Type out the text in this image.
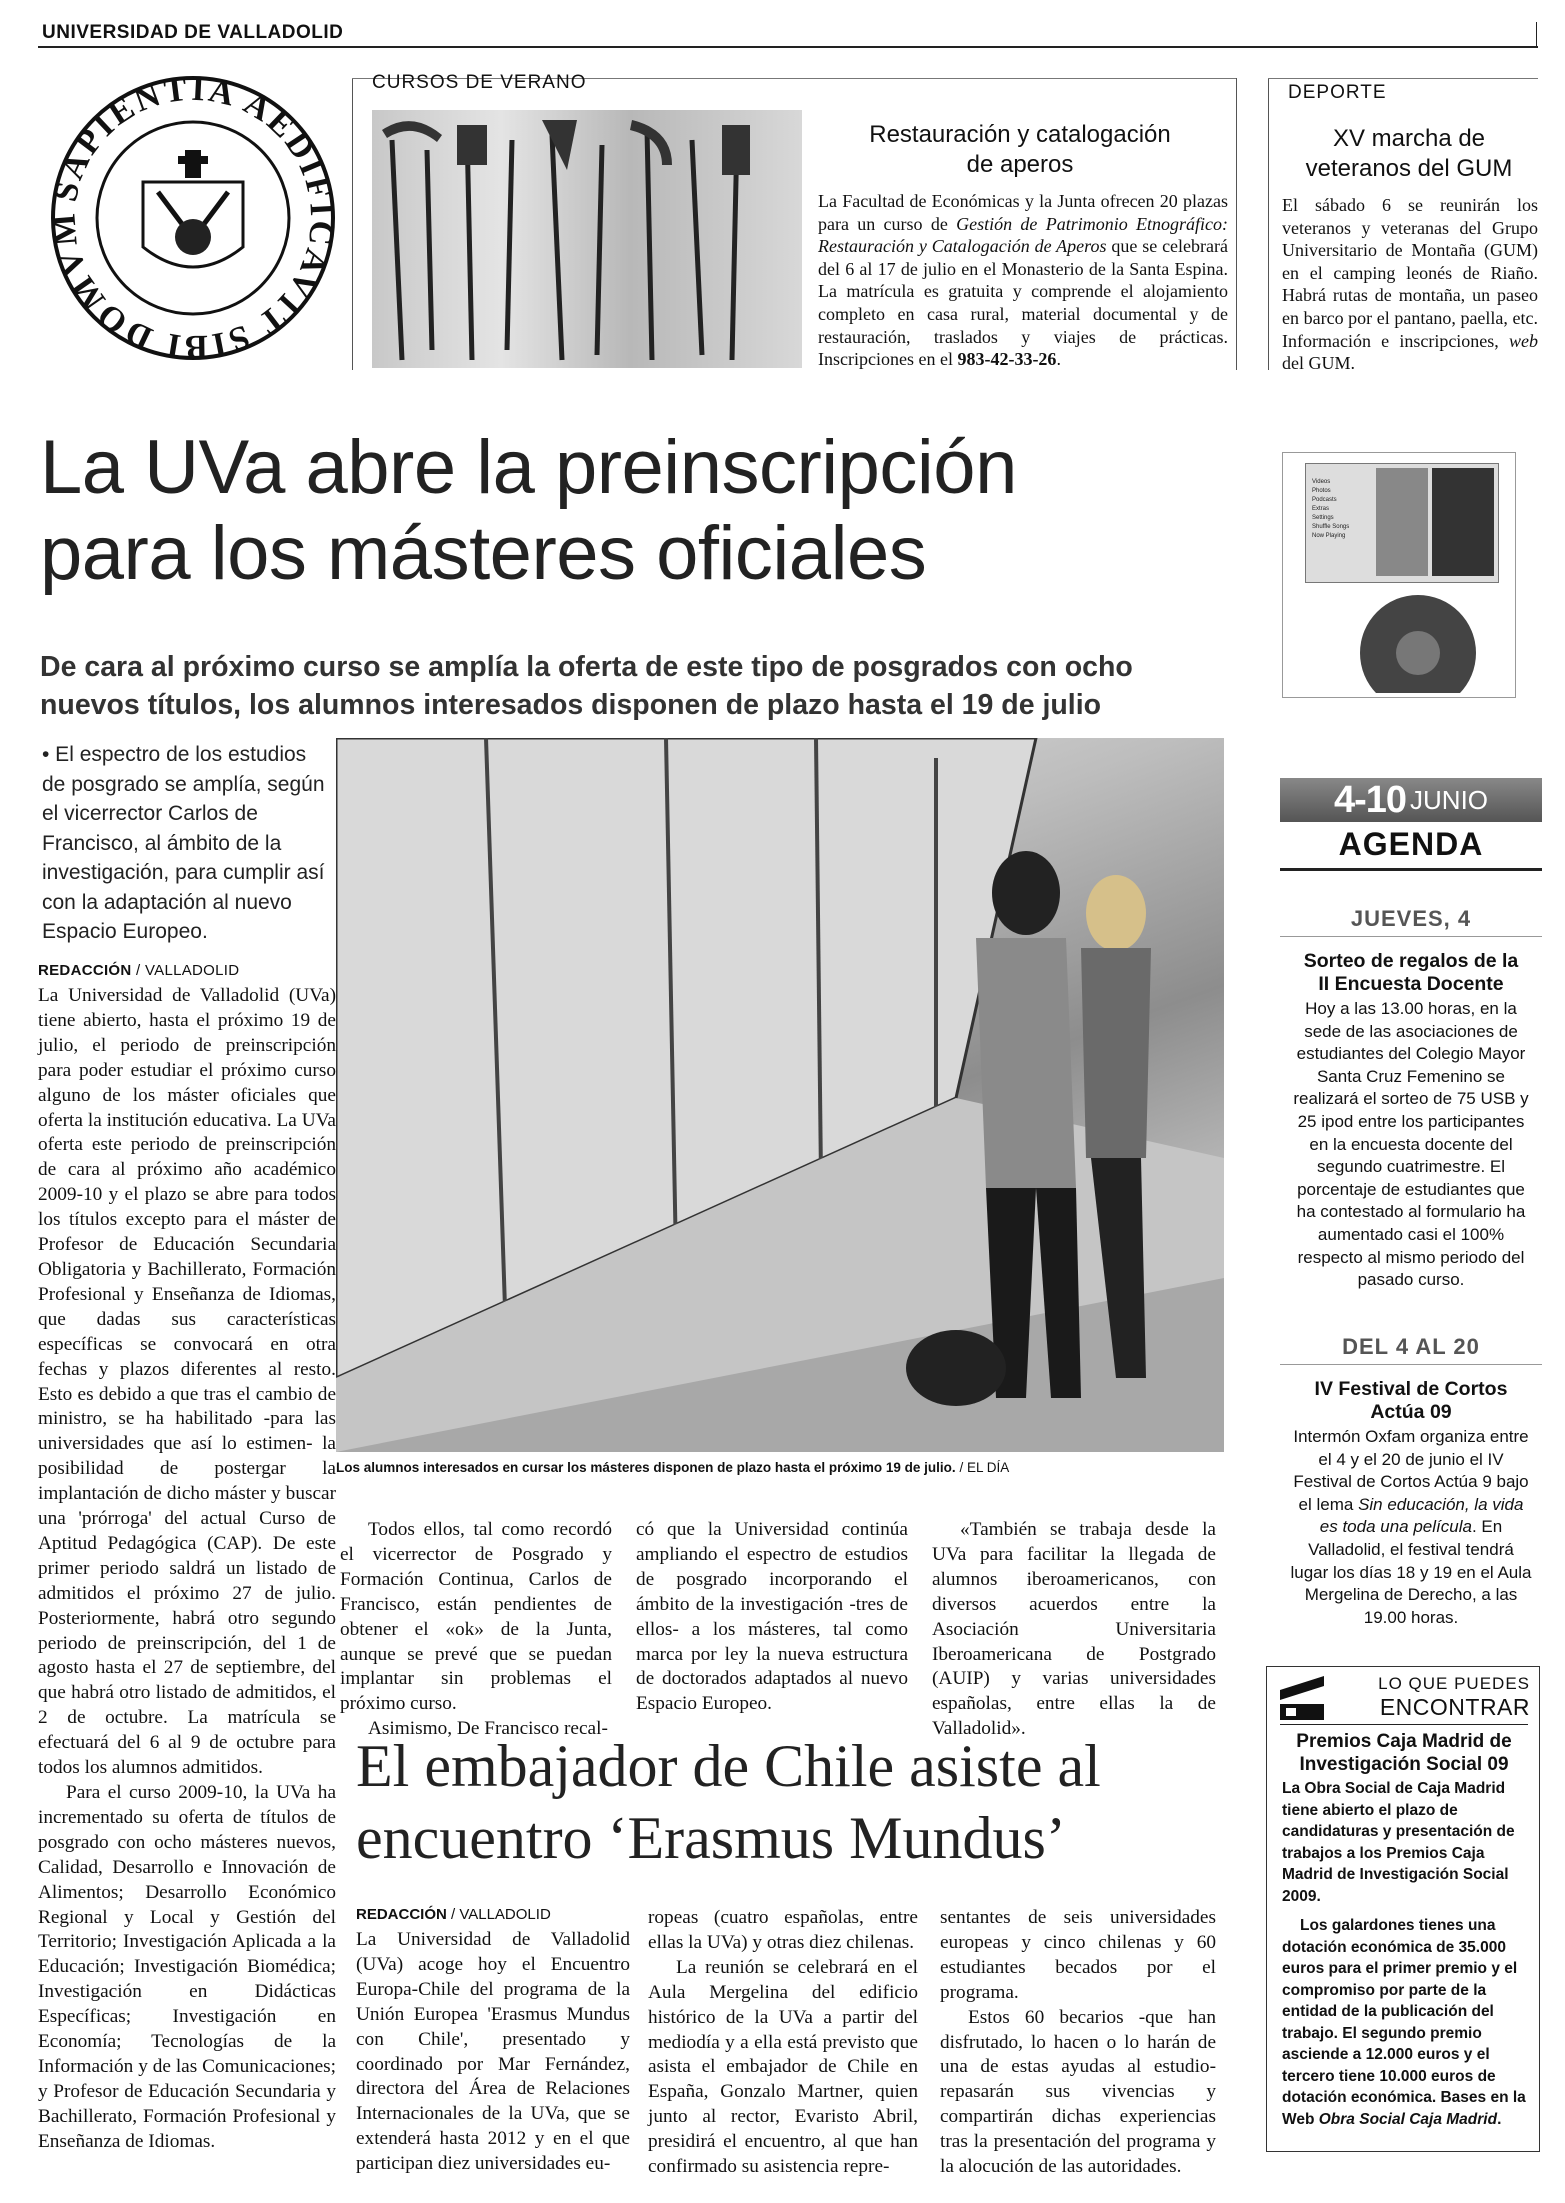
UNIVERSIDAD DE VALLADOLID
SAPIENTIA AEDIFICAVIT SIBI DOMVM
CURSOS DE VERANO
Restauración y catalogación
de aperos
La Facultad de Económicas y la Junta ofrecen 20 plazas para un curso de Gestión de Patrimonio Etnográfico: Restauración y Catalogación de Aperos que se celebrará del 6 al 17 de julio en el Monasterio de la Santa Espina. La matrícula es gratuita y comprende el alojamiento completo en casa rural, material documental y de restauración, traslados y viajes de prácticas. Inscripciones en el 983-42-33-26.
DEPORTE
XV marcha de
veteranos del GUM
El sábado 6 se reunirán los veteranos y veteranas del Grupo Universitario de Montaña (GUM) en el camping leonés de Riaño. Habrá rutas de montaña, un paseo en barco por el pantano, paella, etc. Información e inscripciones, web del GUM.
La UVa abre la preinscripción
para los másteres oficiales
De cara al próximo curso se amplía la oferta de este tipo de posgrados con ocho
nuevos títulos, los alumnos interesados disponen de plazo hasta el 19 de julio
Videos
Photos
Podcasts
Extras
Settings
Shuffle Songs
Now Playing
• El espectro de los estudios de posgrado se amplía, según el vicerrector Carlos de Francisco, al ámbito de la investigación, para cumplir así con la adaptación al nuevo Espacio Europeo.
REDACCIÓN / VALLADOLID

La Universidad de Valladolid (UVa) tiene abierto, hasta el próximo 19 de julio, el periodo de preinscripción para poder estudiar el próximo curso alguno de los máster oficiales que oferta la institución educativa. La UVa oferta este periodo de preinscripción de cara al próximo año académico 2009-10 y el plazo se abre para todos los títulos excepto para el máster de Profesor de Educación Secundaria Obligatoria y Bachillerato, Formación Profesional y Enseñanza de Idiomas, que dadas sus características específicas se convocará en otra fechas y plazos diferentes al resto. Esto es debido a que tras el cambio de ministro, se ha habilitado -para las universidades que así lo estimen- la posibilidad de postergar la implantación de dicho máster y buscar una 'prórroga' del actual Curso de Aptitud Pedagógica (CAP). De este primer periodo saldrá un listado de admitidos el próximo 27 de julio. Posteriormente, habrá otro segundo periodo de preinscripción, del 1 de agosto hasta el 27 de septiembre, del que habrá otro listado de admitidos, el 2 de octubre. La matrícula se efectuará del 6 al 9 de octubre para todos los alumnos admitidos.

Para el curso 2009-10, la UVa ha incrementado su oferta de títulos de posgrado con ocho másteres nuevos, Calidad, Desarrollo e Innovación de Alimentos; Desarrollo Económico Regional y Local y Gestión del Territorio; Investigación Aplicada a la Educación; Investigación Biomédica; Investigación en Didácticas Específicas; Investigación en Economía; Tecnologías de la Información y de las Comunicaciones; y Profesor de Educación Secundaria y Bachillerato, Formación Profesional y Enseñanza de Idiomas.

Los alumnos interesados en cursar los másteres disponen de plazo hasta el próximo 19 de julio. / EL DÍA

Todos ellos, tal como recordó el vicerrector de Posgrado y Formación Continua, Carlos de Francisco, están pendientes de obtener el «ok» de la Junta, aunque se prevé que se puedan implantar sin problemas el próximo curso.

Asimismo, De Francisco recal-

có que la Universidad continúa ampliando el espectro de estudios de posgrado incorporando el ámbito de la investigación -tres de ellos- a los másteres, tal como marca por ley la nueva estructura de doctorados adaptados al nuevo Espacio Europeo.

«También se trabaja desde la UVa para facilitar la llegada de alumnos iberoamericanos, con diversos acuerdos entre la Asociación Universitaria Iberoamericana de Postgrado (AUIP) y varias universidades españolas, entre ellas la de Valladolid».

El embajador de Chile asiste al
encuentro ‘Erasmus Mundus’
REDACCIÓN / VALLADOLID

La Universidad de Valladolid (UVa) acoge hoy el Encuentro Europa-Chile del programa de la Unión Europea 'Erasmus Mundus con Chile', presentado y coordinado por Mar Fernández, directora del Área de Relaciones Internacionales de la UVa, que se extenderá hasta 2012 y en el que participan diez universidades eu-

ropeas (cuatro españolas, entre ellas la UVa) y otras diez chilenas.

La reunión se celebrará en el Aula Mergelina del edificio histórico de la UVa a partir del mediodía y a ella está previsto que asista el embajador de Chile en España, Gonzalo Martner, quien junto al rector, Evaristo Abril, presidirá el encuentro, al que han confirmado su asistencia repre-

sentantes de seis universidades europeas y cinco chilenas y 60 estudiantes becados por el programa.

Estos 60 becarios -que han disfrutado, lo hacen o lo harán de una de estas ayudas al estudio- repasarán sus vivencias y compartirán dichas experiencias tras la presentación del programa y la alocución de las autoridades.

4-10 JUNIO
AGENDA
JUEVES, 4
Sorteo de regalos de la
II Encuesta Docente
Hoy a las 13.00 horas, en la sede de las asociaciones de estudiantes del Colegio Mayor Santa Cruz Femenino se realizará el sorteo de 75 USB y 25 ipod entre los participantes en la encuesta docente del segundo cuatrimestre. El porcentaje de estudiantes que ha contestado al formulario ha aumentado casi el 100% respecto al mismo periodo del pasado curso.
DEL 4 AL 20
IV Festival de Cortos
Actúa 09
Intermón Oxfam organiza entre el 4 y el 20 de junio el IV Festival de Cortos Actúa 9 bajo el lema Sin educación, la vida es toda una película. En Valladolid, el festival tendrá lugar los días 18 y 19 en el Aula Mergelina de Derecho, a las 19.00 horas.
LO QUE PUEDES
ENCONTRAR
Premios Caja Madrid de
Investigación Social 09

La Obra Social de Caja Madrid tiene abierto el plazo de candidaturas y presentación de trabajos a los Premios Caja Madrid de Investigación Social 2009.

Los galardones tienes una dotación económica de 35.000 euros para el primer premio y el compromiso por parte de la entidad de la publicación del trabajo. El segundo premio asciende a 12.000 euros y el tercero tiene 10.000 euros de dotación económica. Bases en la Web Obra Social Caja Madrid.
